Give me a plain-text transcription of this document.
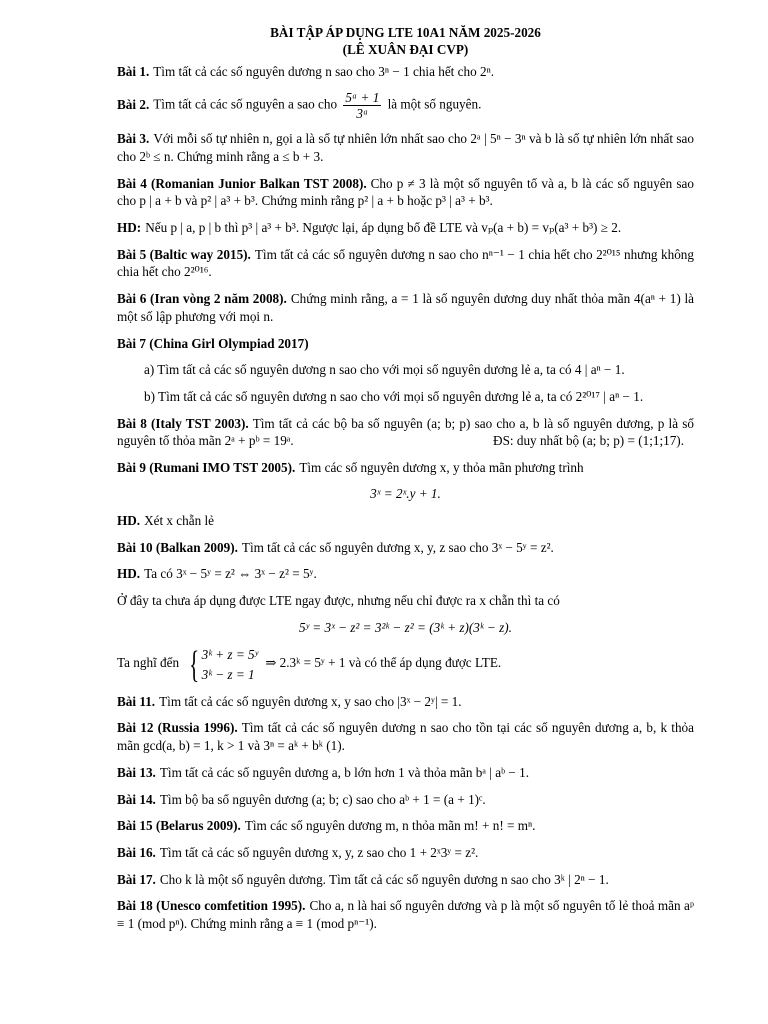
BÀI TẬP ÁP DỤNG LTE 10A1 NĂM 2025-2026

(LÊ XUÂN ĐẠI CVP)

Bài 1. Tìm tất cả các số nguyên dương n sao cho 3ⁿ − 1 chia hết cho 2ⁿ.

Bài 2. Tìm tất cả các số nguyên a sao cho $\frac{\text{5ᵃ + 1}}{\text{3ᵃ}}$ là một số nguyên.

Bài 3. Với mỗi số tự nhiên n, gọi a là số tự nhiên lớn nhất sao cho 2ᵃ | 5ⁿ − 3ⁿ và b là số tự nhiên lớn nhất sao cho 2ᵇ ≤ n. Chứng minh rằng a ≤ b + 3.

Bài 4 (Romanian Junior Balkan TST 2008). Cho p ≠ 3 là một số nguyên tố và a, b là các số nguyên sao cho p | a + b và p² | a³ + b³. Chứng minh rằng p² | a + b hoặc p³ | a³ + b³.

HD: Nếu p | a, p | b thì p³ | a³ + b³. Ngược lại, áp dụng bổ đề LTE và vₚ(a + b) = vₚ(a³ + b³) ≥ 2.

Bài 5 (Baltic way 2015). Tìm tất cả các số nguyên dương n sao cho nⁿ⁻¹ − 1 chia hết cho 2²⁰¹⁵ nhưng không chia hết cho 2²⁰¹⁶.

Bài 6 (Iran vòng 2 năm 2008). Chứng minh rằng, a = 1 là số nguyên dương duy nhất thỏa mãn 4(aⁿ + 1) là một số lập phương với mọi n.

Bài 7 (China Girl Olympiad 2017)

a) Tìm tất cả các số nguyên dương n sao cho với mọi số nguyên dương lẻ a, ta có 4 | aⁿ − 1.

b) Tìm tất cả các số nguyên dương n sao cho với mọi số nguyên dương lẻ a, ta có 2²⁰¹⁷ | aⁿ − 1.

Bài 8 (Italy TST 2003). Tìm tất cả các bộ ba số nguyên (a; b; p) sao cho a, b là số nguyên dương, p là số nguyên tố thỏa mãn 2ᵃ + pᵇ = 19ᵃ.	ĐS: duy nhất bộ (a; b; p) = (1;1;17).

Bài 9 (Rumani IMO TST 2005). Tìm các số nguyên dương x, y thỏa mãn phương trình

3ˣ = 2ˣ.y + 1.

HD. Xét x chẵn lẻ

Bài 10 (Balkan 2009). Tìm tất cả các số nguyên dương x, y, z sao cho 3ˣ − 5ʸ = z².

HD. Ta có 3ˣ − 5ʸ = z² ⇔ 3ˣ − z² = 5ʸ.

Ở đây ta chưa áp dụng được LTE ngay được, nhưng nếu chỉ được ra x chẵn thì ta có

5ʸ = 3ˣ − z² = 3²ᵏ − z² = (3ᵏ + z)(3ᵏ − z).

Ta nghĩ đến { 3ᵏ + z = 5ʸ
3ᵏ − z = 1
⇒ 2.3ᵏ = 5ʸ + 1 và có thể áp dụng được LTE.

Bài 11. Tìm tất cả các số nguyên dương x, y sao cho |3ˣ − 2ʸ| = 1.

Bài 12 (Russia 1996). Tìm tất cả các số nguyên dương n sao cho tồn tại các số nguyên dương a, b, k thỏa mãn gcd(a, b) = 1, k > 1 và 3ⁿ = aᵏ + bᵏ (1).

Bài 13. Tìm tất cả các số nguyên dương a, b lớn hơn 1 và thỏa mãn bᵃ | aᵇ − 1.

Bài 14. Tìm bộ ba số nguyên dương (a; b; c) sao cho aᵇ + 1 = (a + 1)ᶜ.

Bài 15 (Belarus 2009). Tìm các số nguyên dương m, n thỏa mãn m! + n! = mⁿ.

Bài 16. Tìm tất cả các số nguyên dương x, y, z sao cho 1 + 2ˣ3ʸ = z².

Bài 17. Cho k là một số nguyên dương. Tìm tất cả các số nguyên dương n sao cho 3ᵏ | 2ⁿ − 1.

Bài 18 (Unesco comfetition 1995). Cho a, n là hai số nguyên dương và p là một số nguyên tố lẻ thoả mãn aᵖ ≡ 1 (mod pⁿ). Chứng minh rằng a ≡ 1 (mod pⁿ⁻¹).
